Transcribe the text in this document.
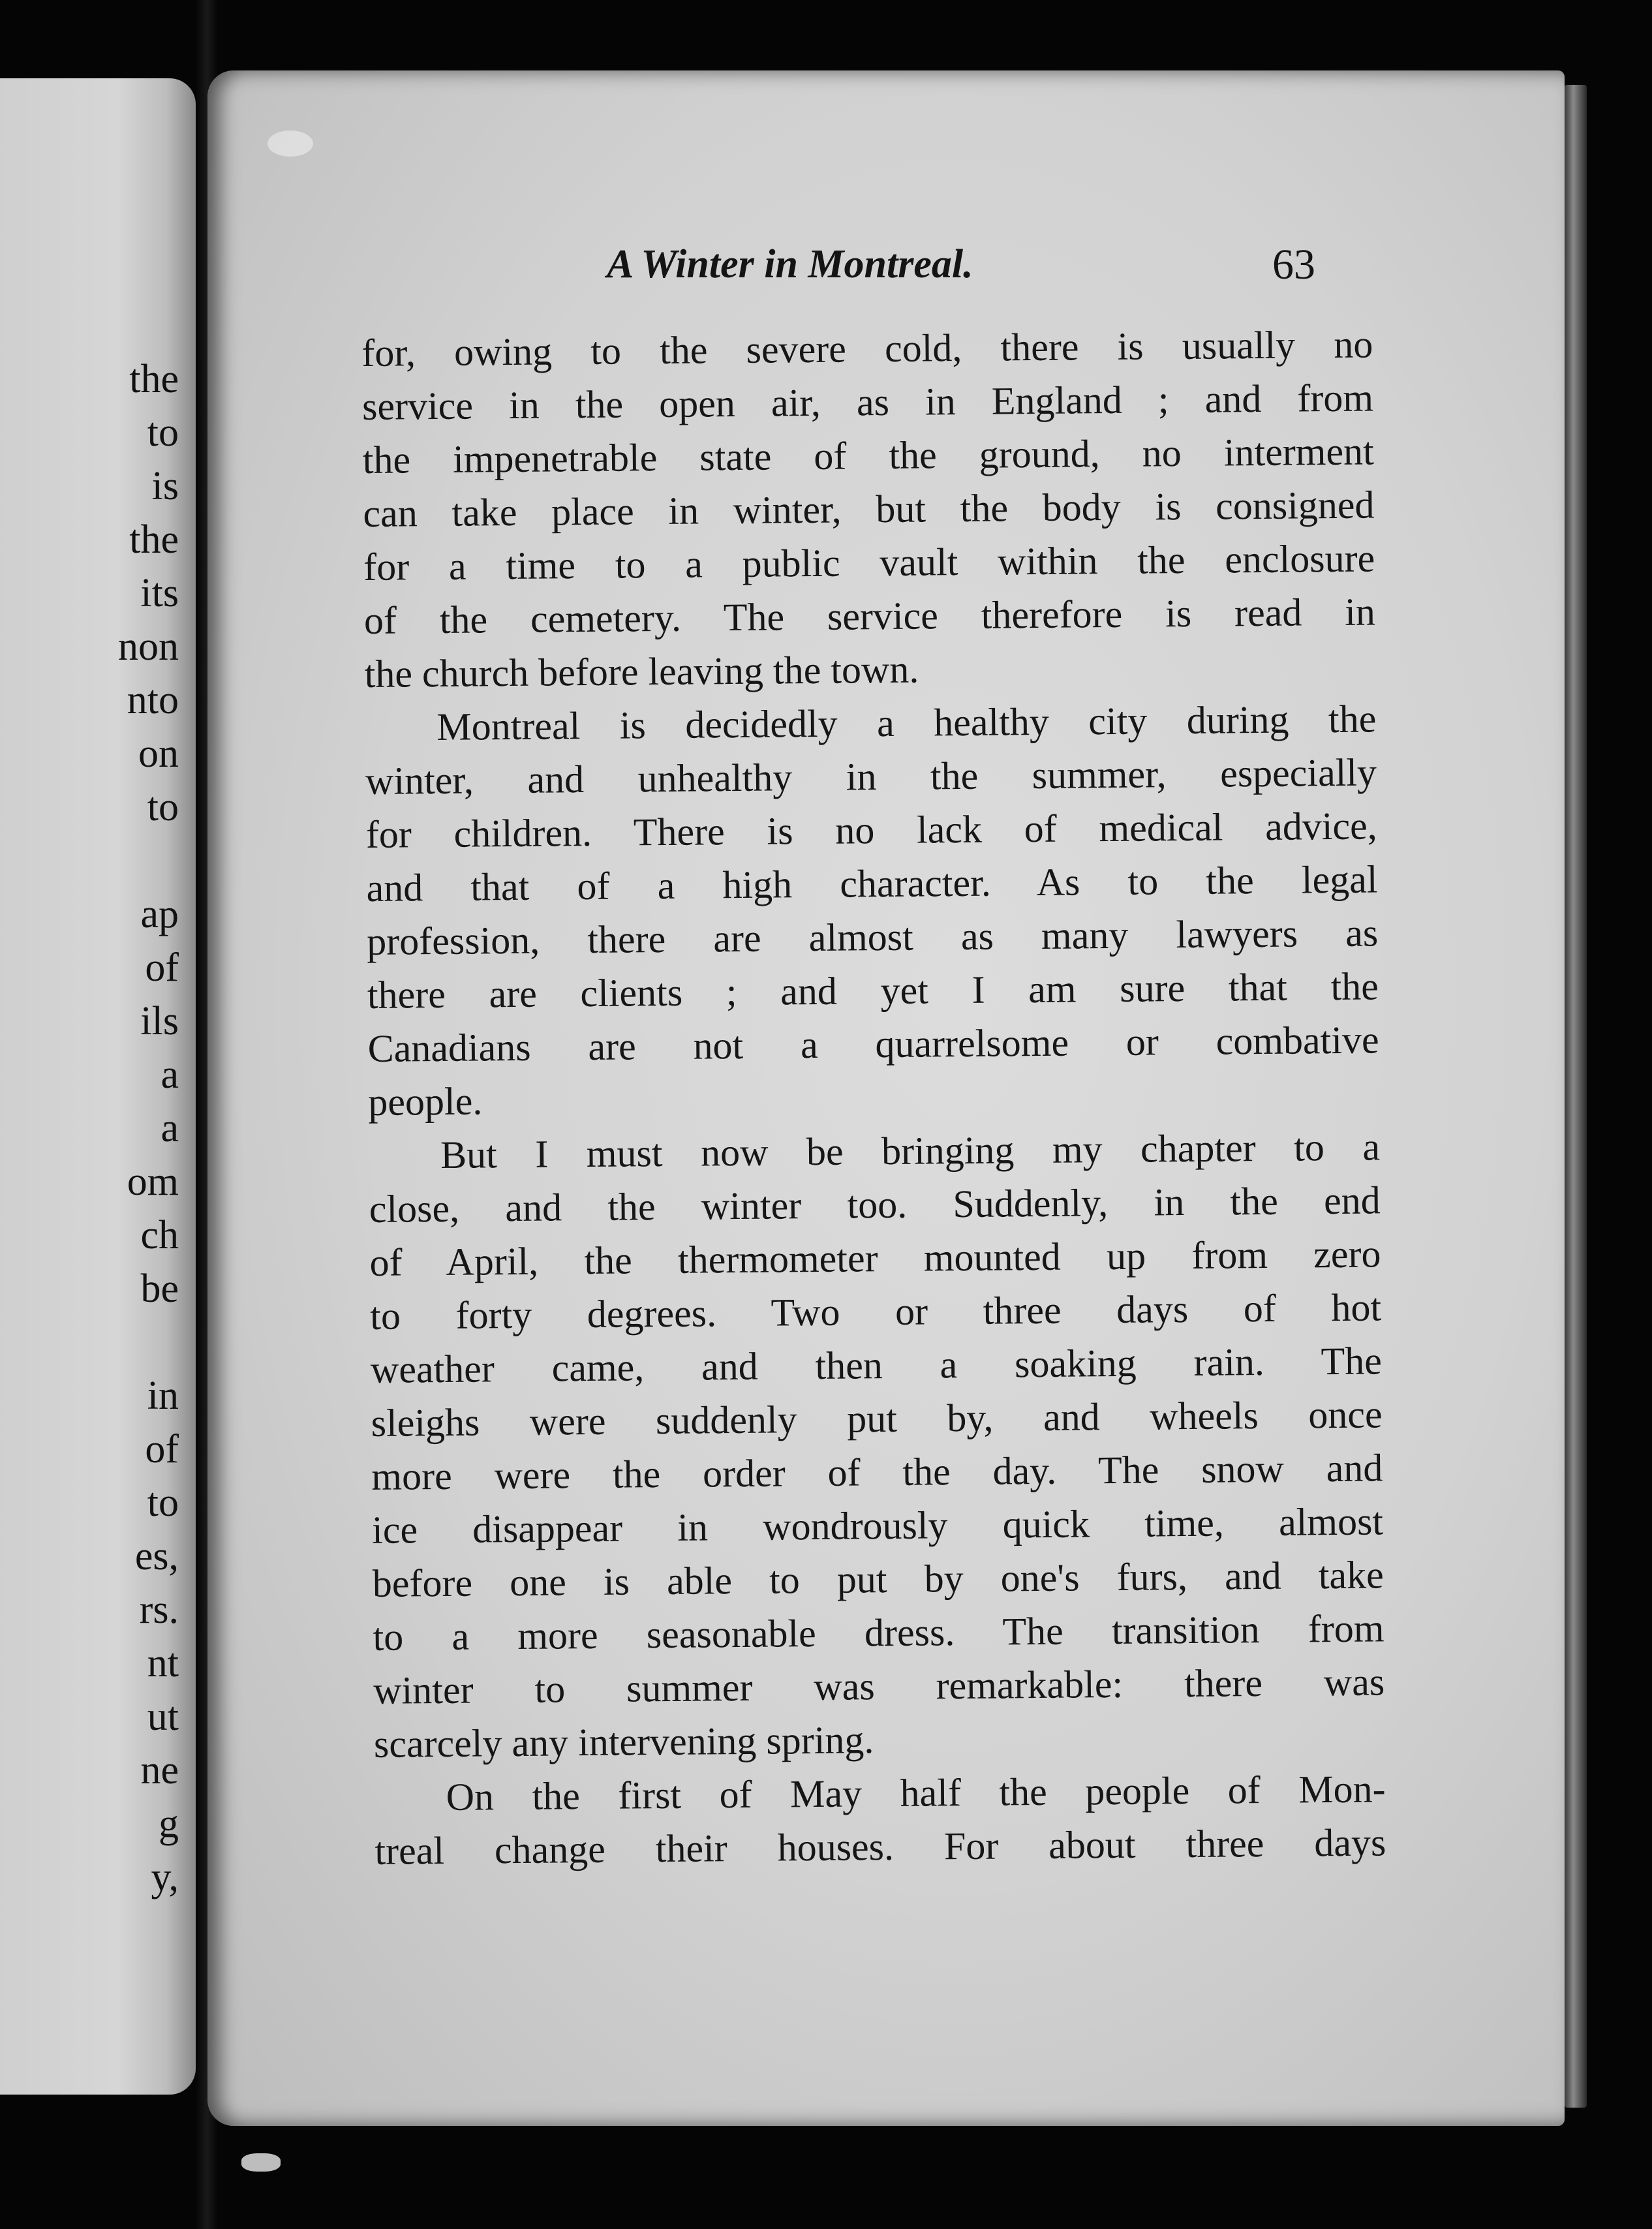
the
to
is
the
its
non
nto
on
to
ap
of
ils
a
a
om
ch
be
in
of
to
es,
rs.
nt
ut
ne
g
y,
A Winter in Montreal.	63
for, owing to the severe cold, there is usually no
service in the open air, as in England ; and from
the impenetrable state of the ground, no interment
can take place in winter, but the body is consigned
for a time to a public vault within the enclosure
of the cemetery. The service therefore is read in
the church before leaving the town.
Montreal is decidedly a healthy city during the
winter, and unhealthy in the summer, especially
for children. There is no lack of medical advice,
and that of a high character. As to the legal
profession, there are almost as many lawyers as
there are clients ; and yet I am sure that the
Canadians are not a quarrelsome or combative
people.
But I must now be bringing my chapter to a
close, and the winter too. Suddenly, in the end
of April, the thermometer mounted up from zero
to forty degrees. Two or three days of hot
weather came, and then a soaking rain. The
sleighs were suddenly put by, and wheels once
more were the order of the day. The snow and
ice disappear in wondrously quick time, almost
before one is able to put by one's furs, and take
to a more seasonable dress. The transition from
winter to summer was remarkable: there was
scarcely any intervening spring.
On the first of May half the people of Mon-
treal change their houses. For about three days
